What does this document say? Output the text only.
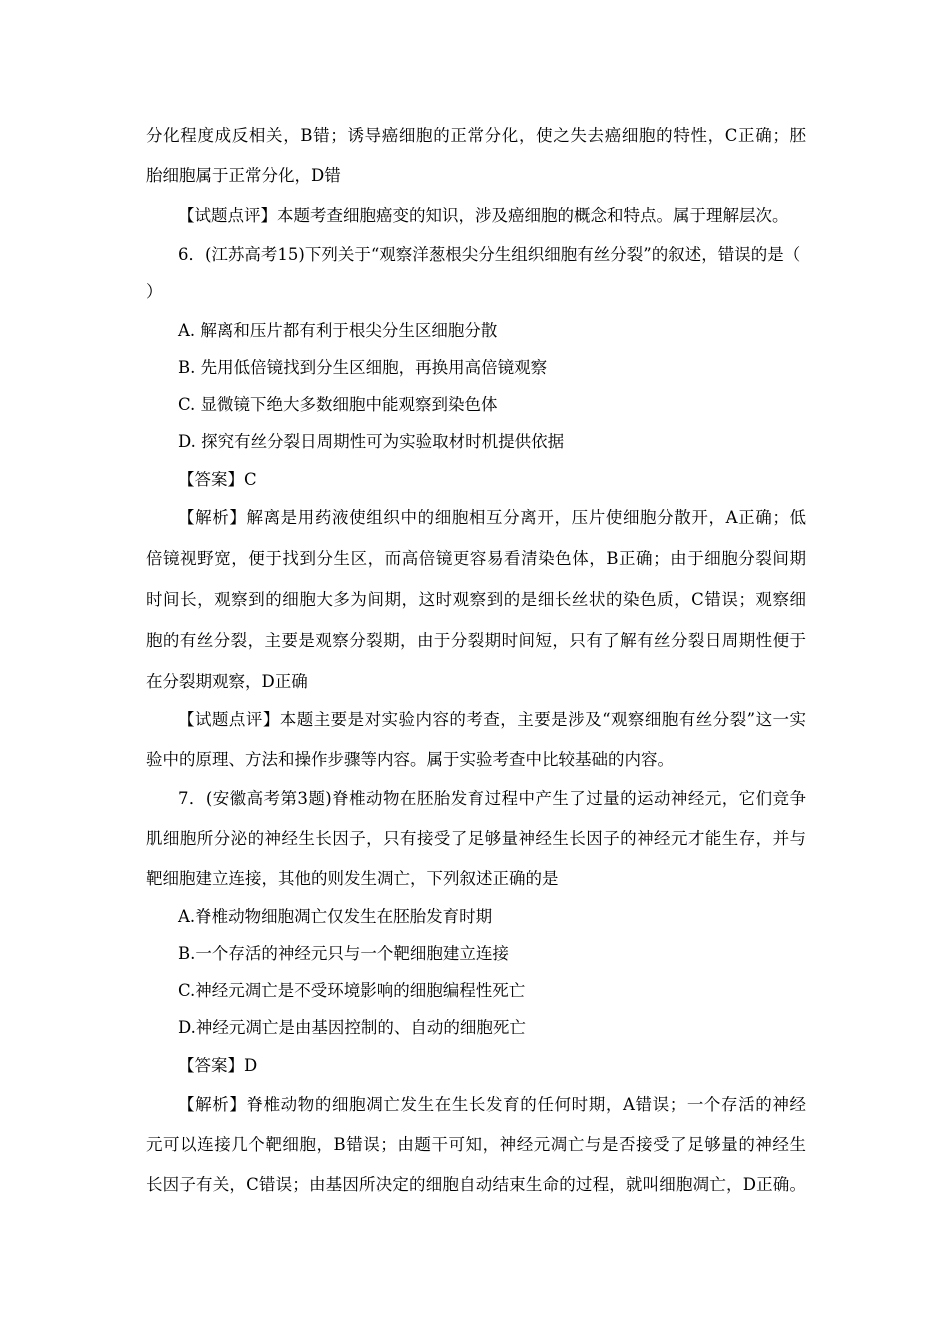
分化程度成反相关，B错；诱导癌细胞的正常分化，使之失去癌细胞的特性，C正确；胚
胎细胞属于正常分化，D错
【试题点评】本题考查细胞癌变的知识，涉及癌细胞的概念和特点。属于理解层次。
6．(江苏高考15)下列关于“观察洋葱根尖分生组织细胞有丝分裂”的叙述，错误的是（
）
A. 解离和压片都有利于根尖分生区细胞分散
B. 先用低倍镜找到分生区细胞，再换用高倍镜观察
C. 显微镜下绝大多数细胞中能观察到染色体
D. 探究有丝分裂日周期性可为实验取材时机提供依据
【答案】C
【解析】解离是用药液使组织中的细胞相互分离开，压片使细胞分散开，A正确；低
倍镜视野宽，便于找到分生区，而高倍镜更容易看清染色体，B正确；由于细胞分裂间期
时间长，观察到的细胞大多为间期，这时观察到的是细长丝状的染色质，C错误；观察细
胞的有丝分裂，主要是观察分裂期，由于分裂期时间短，只有了解有丝分裂日周期性便于
在分裂期观察，D正确
【试题点评】本题主要是对实验内容的考查，主要是涉及“观察细胞有丝分裂”这一实
验中的原理、方法和操作步骤等内容。属于实验考查中比较基础的内容。
7．(安徽高考第3题)脊椎动物在胚胎发育过程中产生了过量的运动神经元，它们竞争
肌细胞所分泌的神经生长因子，只有接受了足够量神经生长因子的神经元才能生存，并与
靶细胞建立连接，其他的则发生凋亡，下列叙述正确的是
A.脊椎动物细胞凋亡仅发生在胚胎发育时期
B.一个存活的神经元只与一个靶细胞建立连接
C.神经元凋亡是不受环境影响的细胞编程性死亡
D.神经元凋亡是由基因控制的、自动的细胞死亡
【答案】D
【解析】脊椎动物的细胞凋亡发生在生长发育的任何时期，A错误；一个存活的神经
元可以连接几个靶细胞，B错误；由题干可知，神经元凋亡与是否接受了足够量的神经生
长因子有关，C错误；由基因所决定的细胞自动结束生命的过程，就叫细胞凋亡，D正确。
